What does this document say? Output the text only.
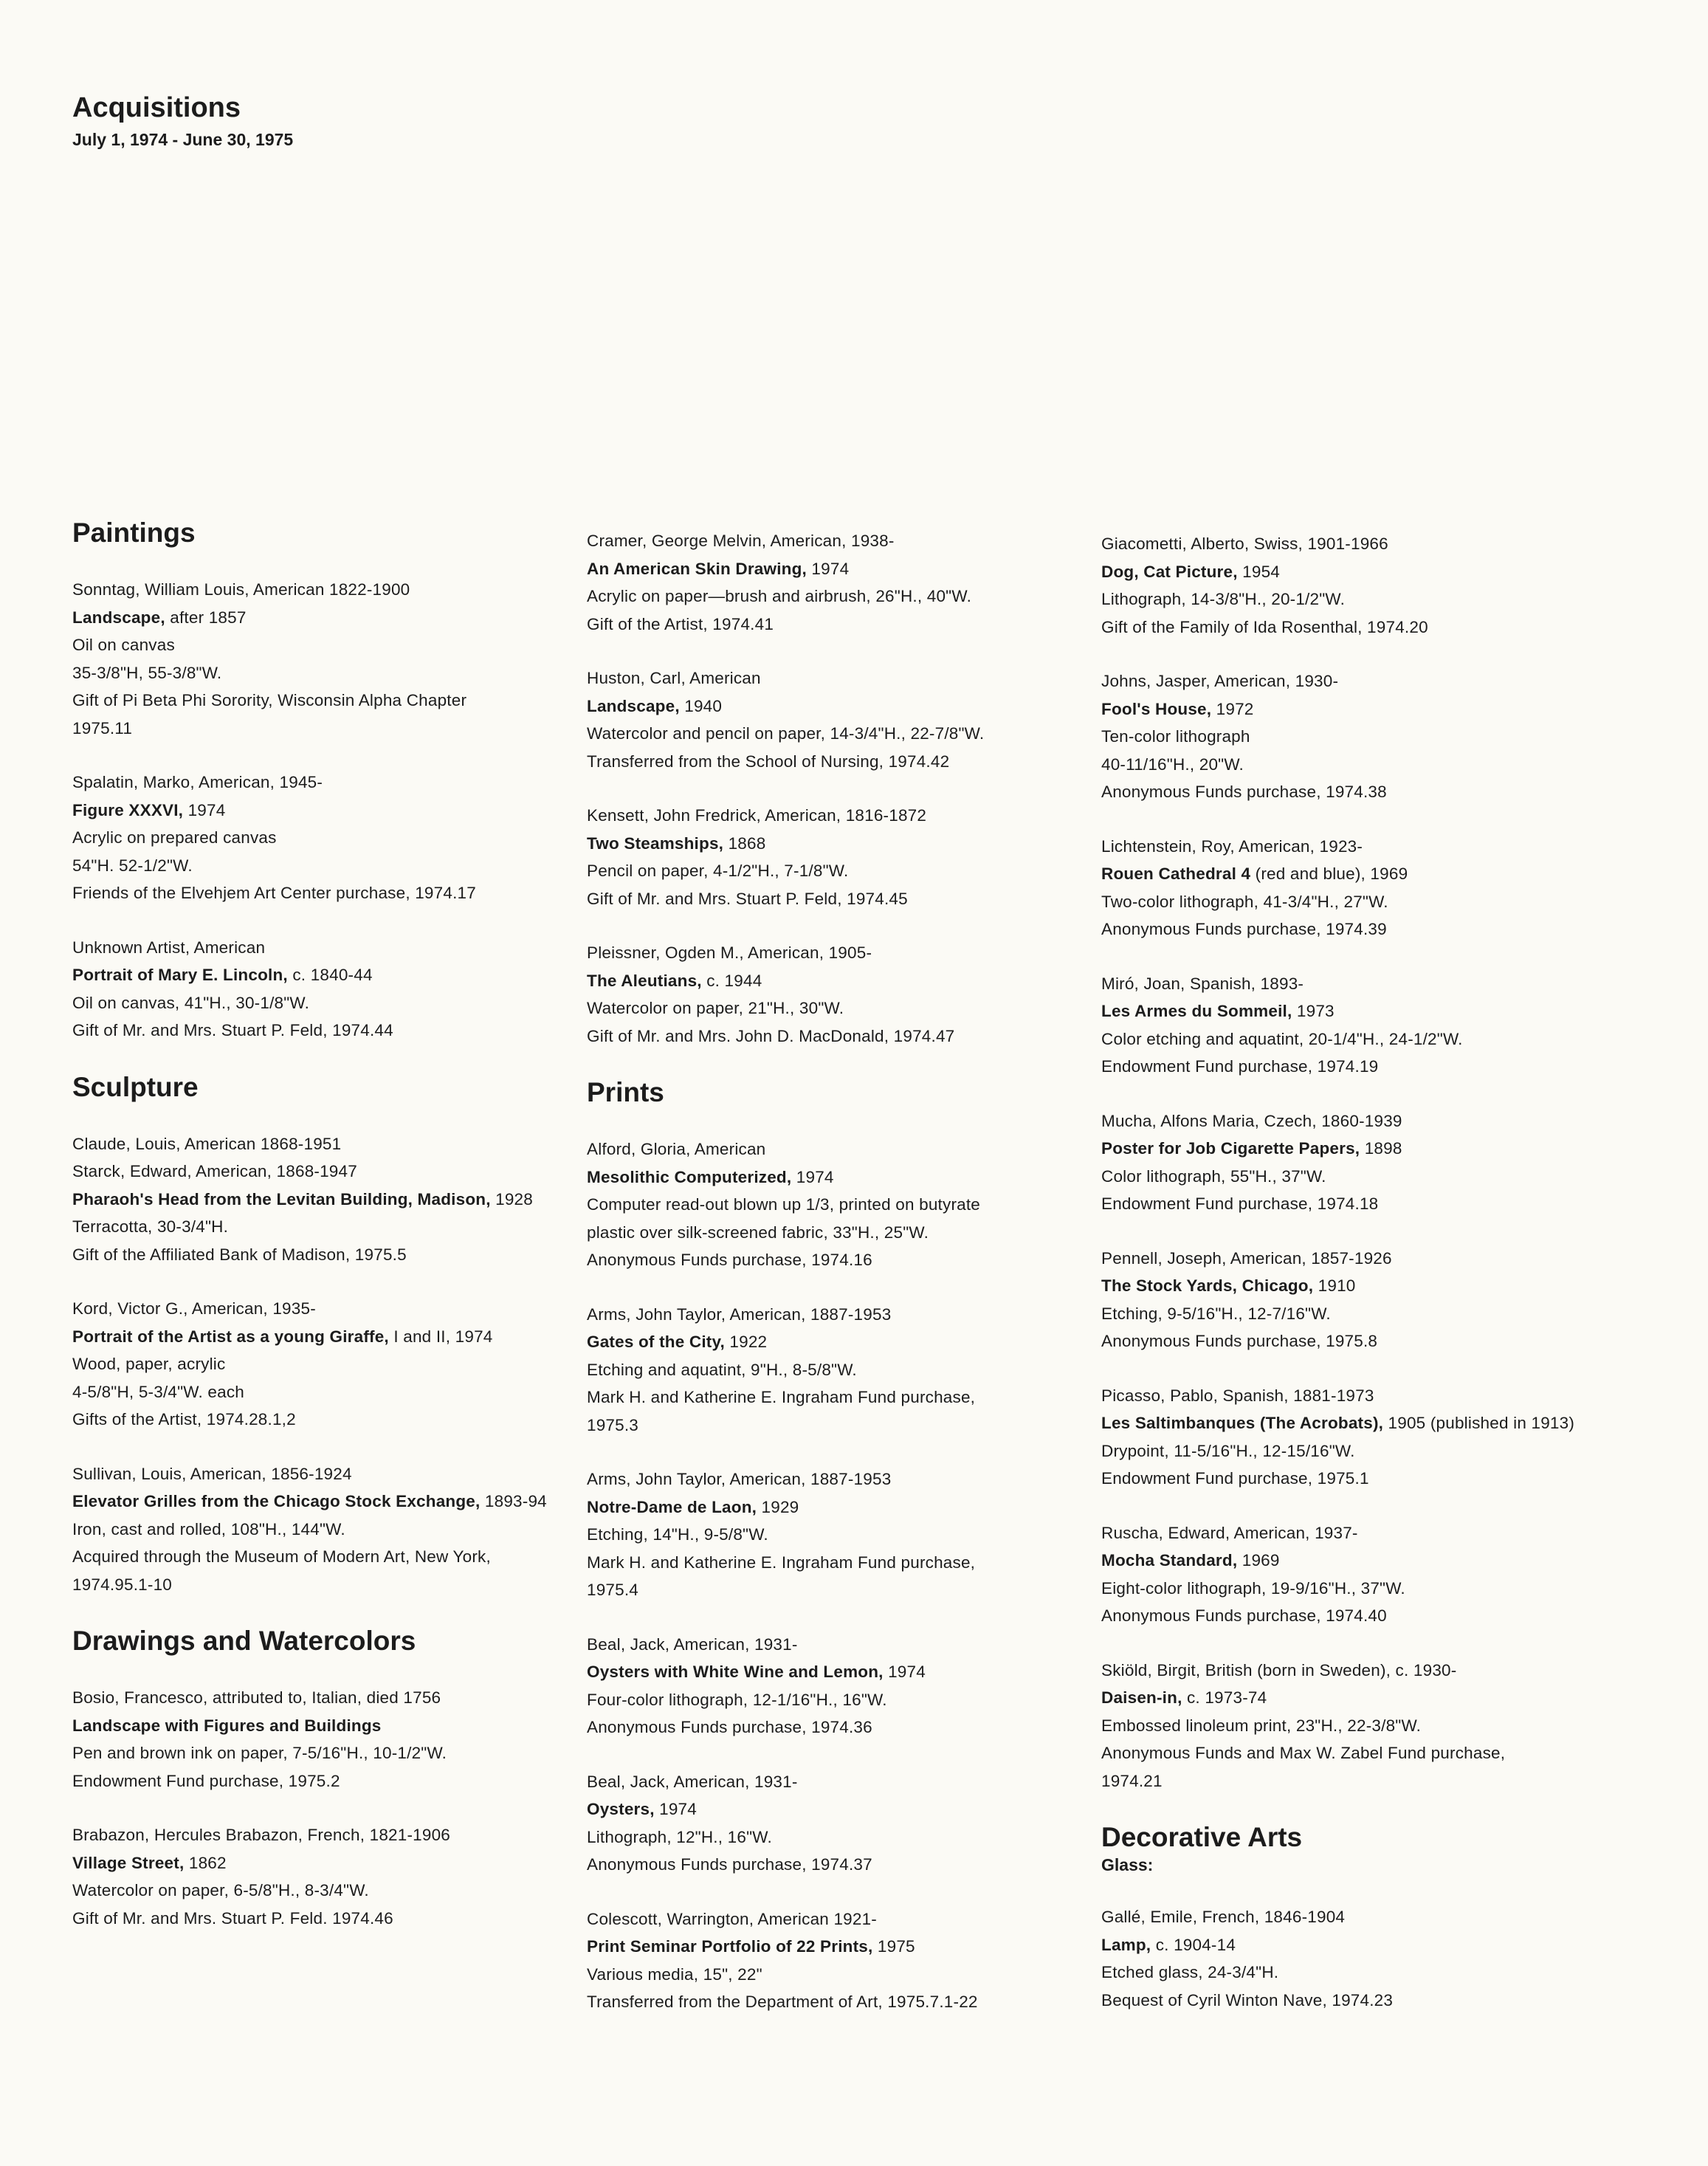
Acquisitions
July 1, 1974 - June 30, 1975
Paintings
Sonntag, William Louis, American 1822-1900
Landscape, after 1857
Oil on canvas
35-3/8"H, 55-3/8"W.
Gift of Pi Beta Phi Sorority, Wisconsin Alpha Chapter
1975.11
Spalatin, Marko, American, 1945-
Figure XXXVI, 1974
Acrylic on prepared canvas
54"H. 52-1/2"W.
Friends of the Elvehjem Art Center purchase, 1974.17
Unknown Artist, American
Portrait of Mary E. Lincoln, c. 1840-44
Oil on canvas, 41"H., 30-1/8"W.
Gift of Mr. and Mrs. Stuart P. Feld, 1974.44
Sculpture
Claude, Louis, American 1868-1951
Starck, Edward, American, 1868-1947
Pharaoh's Head from the Levitan Building, Madison, 1928
Terracotta, 30-3/4"H.
Gift of the Affiliated Bank of Madison, 1975.5
Kord, Victor G., American, 1935-
Portrait of the Artist as a young Giraffe, I and II, 1974
Wood, paper, acrylic
4-5/8"H, 5-3/4"W. each
Gifts of the Artist, 1974.28.1,2
Sullivan, Louis, American, 1856-1924
Elevator Grilles from the Chicago Stock Exchange, 1893-94
Iron, cast and rolled, 108"H., 144"W.
Acquired through the Museum of Modern Art, New York,
1974.95.1-10
Drawings and Watercolors
Bosio, Francesco, attributed to, Italian, died 1756
Landscape with Figures and Buildings
Pen and brown ink on paper, 7-5/16"H., 10-1/2"W.
Endowment Fund purchase, 1975.2
Brabazon, Hercules Brabazon, French, 1821-1906
Village Street, 1862
Watercolor on paper, 6-5/8"H., 8-3/4"W.
Gift of Mr. and Mrs. Stuart P. Feld. 1974.46
Cramer, George Melvin, American, 1938-
An American Skin Drawing, 1974
Acrylic on paper—brush and airbrush, 26"H., 40"W.
Gift of the Artist, 1974.41
Huston, Carl, American
Landscape, 1940
Watercolor and pencil on paper, 14-3/4"H., 22-7/8"W.
Transferred from the School of Nursing, 1974.42
Kensett, John Fredrick, American, 1816-1872
Two Steamships, 1868
Pencil on paper, 4-1/2"H., 7-1/8"W.
Gift of Mr. and Mrs. Stuart P. Feld, 1974.45
Pleissner, Ogden M., American, 1905-
The Aleutians, c. 1944
Watercolor on paper, 21"H., 30"W.
Gift of Mr. and Mrs. John D. MacDonald, 1974.47
Prints
Alford, Gloria, American
Mesolithic Computerized, 1974
Computer read-out blown up 1/3, printed on butyrate
plastic over silk-screened fabric, 33"H., 25"W.
Anonymous Funds purchase, 1974.16
Arms, John Taylor, American, 1887-1953
Gates of the City, 1922
Etching and aquatint, 9"H., 8-5/8"W.
Mark H. and Katherine E. Ingraham Fund purchase,
1975.3
Arms, John Taylor, American, 1887-1953
Notre-Dame de Laon, 1929
Etching, 14"H., 9-5/8"W.
Mark H. and Katherine E. Ingraham Fund purchase,
1975.4
Beal, Jack, American, 1931-
Oysters with White Wine and Lemon, 1974
Four-color lithograph, 12-1/16"H., 16"W.
Anonymous Funds purchase, 1974.36
Beal, Jack, American, 1931-
Oysters, 1974
Lithograph, 12"H., 16"W.
Anonymous Funds purchase, 1974.37
Colescott, Warrington, American 1921-
Print Seminar Portfolio of 22 Prints, 1975
Various media, 15", 22"
Transferred from the Department of Art, 1975.7.1-22
Giacometti, Alberto, Swiss, 1901-1966
Dog, Cat Picture, 1954
Lithograph, 14-3/8"H., 20-1/2"W.
Gift of the Family of Ida Rosenthal, 1974.20
Johns, Jasper, American, 1930-
Fool's House, 1972
Ten-color lithograph
40-11/16"H., 20"W.
Anonymous Funds purchase, 1974.38
Lichtenstein, Roy, American, 1923-
Rouen Cathedral 4 (red and blue), 1969
Two-color lithograph, 41-3/4"H., 27"W.
Anonymous Funds purchase, 1974.39
Miró, Joan, Spanish, 1893-
Les Armes du Sommeil, 1973
Color etching and aquatint, 20-1/4"H., 24-1/2"W.
Endowment Fund purchase, 1974.19
Mucha, Alfons Maria, Czech, 1860-1939
Poster for Job Cigarette Papers, 1898
Color lithograph, 55"H., 37"W.
Endowment Fund purchase, 1974.18
Pennell, Joseph, American, 1857-1926
The Stock Yards, Chicago, 1910
Etching, 9-5/16"H., 12-7/16"W.
Anonymous Funds purchase, 1975.8
Picasso, Pablo, Spanish, 1881-1973
Les Saltimbanques (The Acrobats), 1905 (published in 1913)
Drypoint, 11-5/16"H., 12-15/16"W.
Endowment Fund purchase, 1975.1
Ruscha, Edward, American, 1937-
Mocha Standard, 1969
Eight-color lithograph, 19-9/16"H., 37"W.
Anonymous Funds purchase, 1974.40
Skiöld, Birgit, British (born in Sweden), c. 1930-
Daisen-in, c. 1973-74
Embossed linoleum print, 23"H., 22-3/8"W.
Anonymous Funds and Max W. Zabel Fund purchase,
1974.21
Decorative Arts
Glass:
Gallé, Emile, French, 1846-1904
Lamp, c. 1904-14
Etched glass, 24-3/4"H.
Bequest of Cyril Winton Nave, 1974.23
